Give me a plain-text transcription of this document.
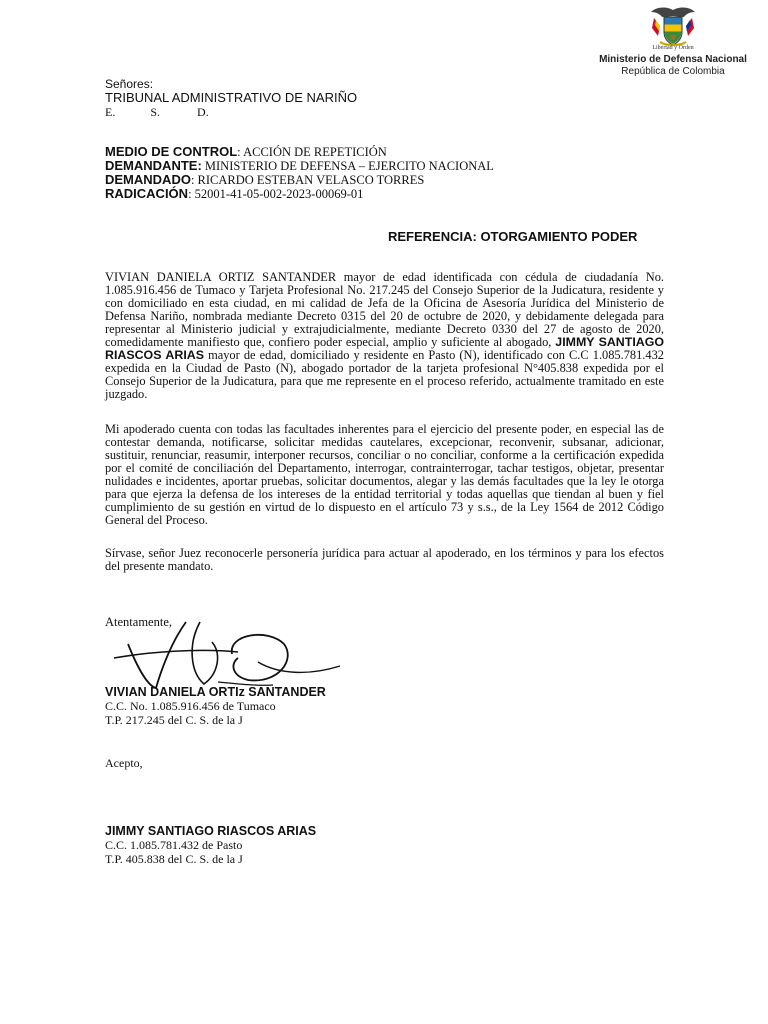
Libertad y Orden
Ministerio de Defensa Nacional
República de Colombia
Señores:
TRIBUNAL ADMINISTRATIVO DE NARIÑO
E.	S.	D.
MEDIO DE CONTROL: ACCIÓN DE REPETICIÓN
DEMANDANTE: MINISTERIO DE DEFENSA – EJERCITO NACIONAL
DEMANDADO: RICARDO ESTEBAN VELASCO TORRES
RADICACIÓN: 52001-41-05-002-2023-00069-01
REFERENCIA: OTORGAMIENTO PODER
VIVIAN DANIELA ORTIZ SANTANDER mayor de edad identificada con cédula de ciudadanía No. 1.085.916.456 de Tumaco y Tarjeta Profesional No. 217.245 del Consejo Superior de la Judicatura, residente y con domiciliado en esta ciudad, en mi calidad de Jefa de la Oficina de Asesoría Jurídica del Ministerio de Defensa Nariño, nombrada mediante Decreto 0315 del 20 de octubre de 2020, y debidamente delegada para representar al Ministerio judicial y extrajudicialmente, mediante Decreto 0330 del 27 de agosto de 2020, comedidamente manifiesto que, confiero poder especial, amplio y suficiente al abogado, JIMMY SANTIAGO RIASCOS ARIAS mayor de edad, domiciliado y residente en Pasto (N), identificado con C.C 1.085.781.432 expedida en la Ciudad de Pasto (N), abogado portador de la tarjeta profesional N°405.838 expedida por el Consejo Superior de la Judicatura, para que me represente en el proceso referido, actualmente tramitado en este juzgado.
Mi apoderado cuenta con todas las facultades inherentes para el ejercicio del presente poder, en especial las de contestar demanda, notificarse, solicitar medidas cautelares, excepcionar, reconvenir, subsanar, adicionar, sustituir, renunciar, reasumir, interponer recursos, conciliar o no conciliar, conforme a la certificación expedida por el comité de conciliación del Departamento, interrogar, contrainterrogar, tachar testigos, objetar, presentar nulidades e incidentes, aportar pruebas, solicitar documentos, alegar y las demás facultades que la ley le otorga para que ejerza la defensa de los intereses de la entidad territorial y todas aquellas que tiendan al buen y fiel cumplimiento de su gestión en virtud de lo dispuesto en el artículo 73 y s.s., de la Ley 1564 de 2012 Código General del Proceso.
Sírvase, señor Juez reconocerle personería jurídica para actuar al apoderado, en los términos y para los efectos del presente mandato.
Atentamente,
VIVIAN DANIELA ORTIz SANTANDER
C.C. No. 1.085.916.456 de Tumaco
T.P. 217.245 del C. S. de la J
Acepto,
JIMMY SANTIAGO RIASCOS ARIAS
C.C. 1.085.781.432 de Pasto
T.P. 405.838 del C. S. de la J
